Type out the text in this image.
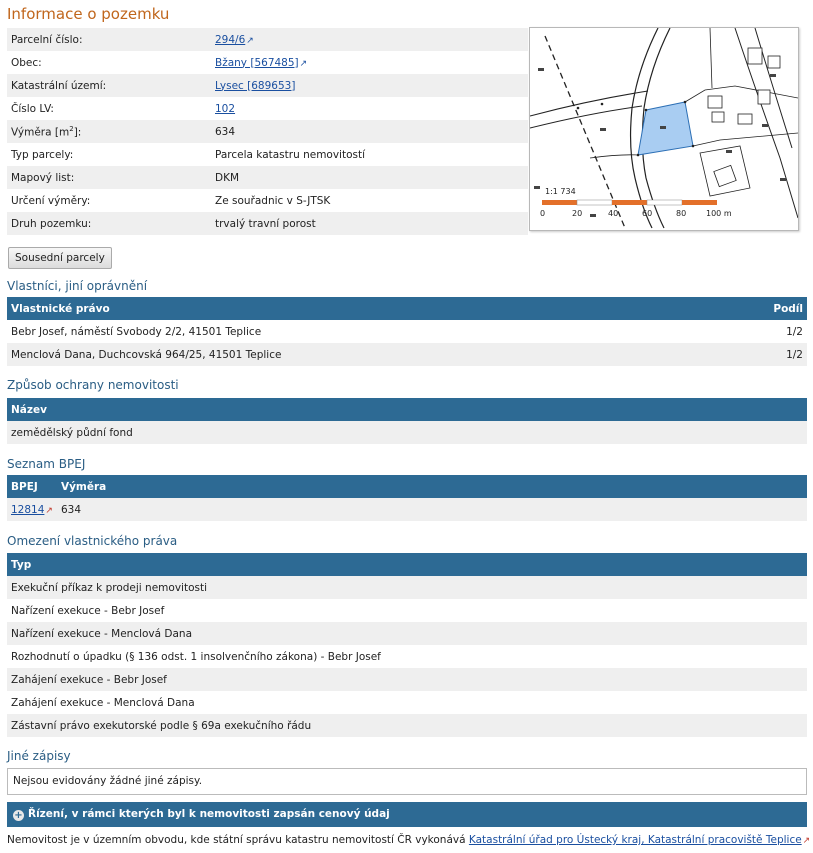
Informace o pozemku
Parcelní číslo:	294/6↗
Obec:	Bžany [567485]↗
Katastrální území:	Lysec [689653]
Číslo LV:	102
Výměra $[m^2]$:	634
Typ parcely:	Parcela katastru nemovitostí
Mapový list:	DKM
Určení výměry:	Ze souřadnic v S-JTSK
Druh pozemku:	trvalý travní porost
1:1 734
0	20	40	60	80 100 m
Sousední parcely
Vlastníci, jiní oprávnění
Vlastnické právo	Podíl
Bebr Josef, náměstí Svobody 2/2, 41501 Teplice	1/2
Menclová Dana, Duchcovská 964/25, 41501 Teplice	1/2
Způsob ochrany nemovitosti
Název
zemědělský půdní fond
Seznam BPEJ
BPEJ	Výměra
12814↗	634
Omezení vlastnického práva
Typ
Exekuční příkaz k prodeji nemovitosti
Nařízení exekuce - Bebr Josef
Nařízení exekuce - Menclová Dana
Rozhodnutí o úpadku (§ 136 odst. 1 insolvenčního zákona) - Bebr Josef
Zahájení exekuce - Bebr Josef
Zahájení exekuce - Menclová Dana
Zástavní právo exekutorské podle § 69a exekučního řádu
Jiné zápisy
Nejsou evidovány žádné jiné zápisy.
+ Řízení, v rámci kterých byl k nemovitosti zapsán cenový údaj
Nemovitost je v územním obvodu, kde státní správu katastru nemovitostí ČR vykonává Katastrální úřad pro Ústecký kraj, Katastrální pracoviště Teplice↗
